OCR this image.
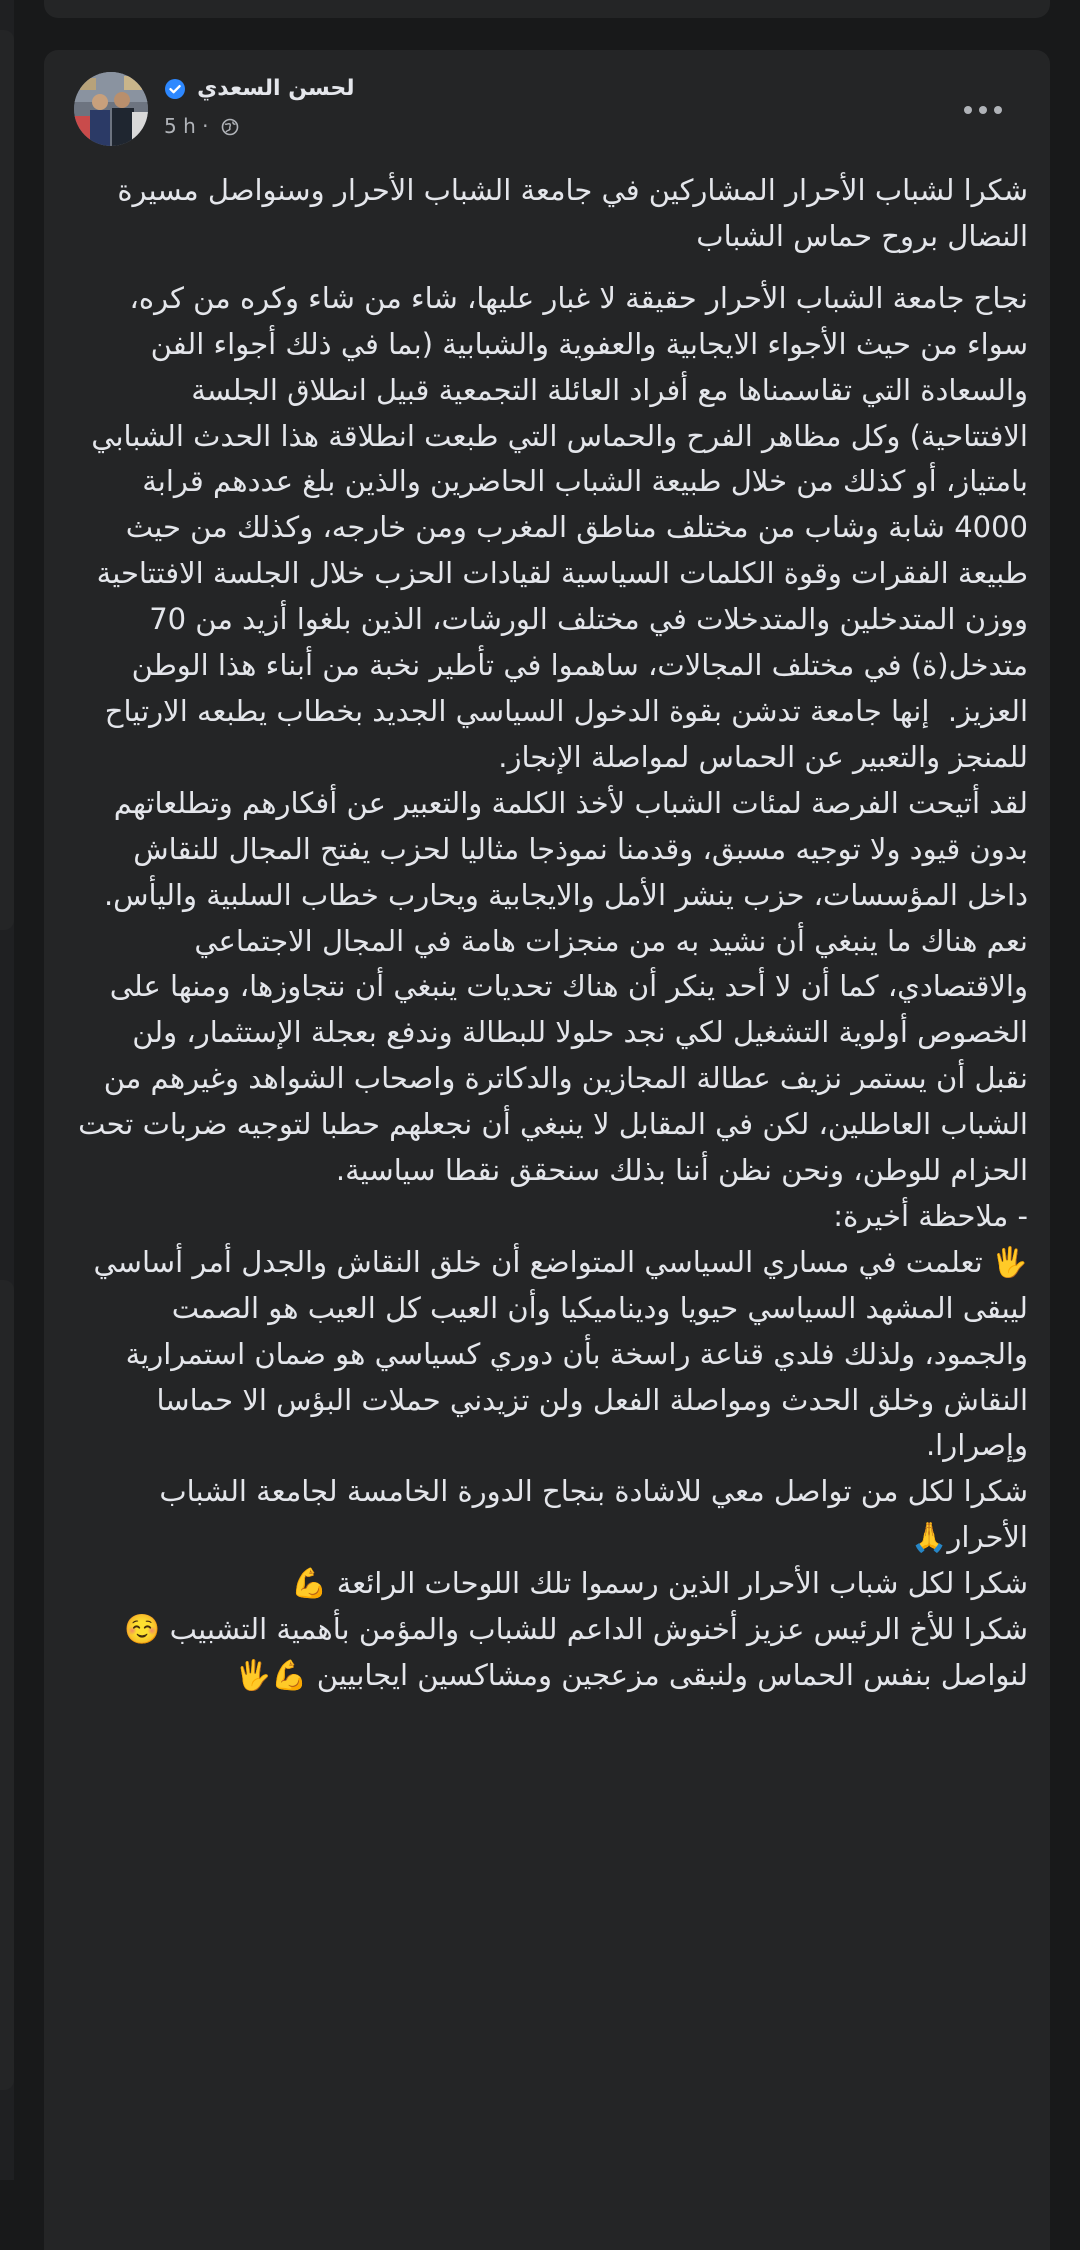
لحسن السعدي
5 h ·

شكرا لشباب الأحرار المشاركين في جامعة الشباب الأحرار وسنواصل مسيرة النضال بروح حماس الشباب

نجاح جامعة الشباب الأحرار حقيقة لا غبار عليها، شاء من شاء وكره من كره، سواء من حيث الأجواء الايجابية والعفوية والشبابية (بما في ذلك أجواء الفن والسعادة التي تقاسمناها مع أفراد العائلة التجمعية قبيل انطلاق الجلسة الافتتاحية) وكل مظاهر الفرح والحماس التي طبعت انطلاقة هذا الحدث الشبابي بامتياز، أو كذلك من خلال طبيعة الشباب الحاضرين والذين بلغ عددهم قرابة 4000 شابة وشاب من مختلف مناطق المغرب ومن خارجه، وكذلك من حيث طبيعة الفقرات وقوة الكلمات السياسية لقيادات الحزب خلال الجلسة الافتتاحية ووزن المتدخلين والمتدخلات في مختلف الورشات، الذين بلغوا أزيد من 70 متدخل(ة) في مختلف المجالات، ساهموا في تأطير نخبة من أبناء هذا الوطن العزيز.  إنها جامعة تدشن بقوة الدخول السياسي الجديد بخطاب يطبعه الارتياح للمنجز والتعبير عن الحماس لمواصلة الإنجاز.

لقد أتيحت الفرصة لمئات الشباب لأخذ الكلمة والتعبير عن أفكارهم وتطلعاتهم بدون قيود ولا توجيه مسبق، وقدمنا نموذجا مثاليا لحزب يفتح المجال للنقاش داخل المؤسسات، حزب ينشر الأمل والايجابية ويحارب خطاب السلبية واليأس.

نعم هناك ما ينبغي أن نشيد به من منجزات هامة في المجال الاجتماعي والاقتصادي، كما أن لا أحد ينكر أن هناك تحديات ينبغي أن نتجاوزها، ومنها على الخصوص أولوية التشغيل لكي نجد حلولا للبطالة وندفع بعجلة الإستثمار، ولن نقبل أن يستمر نزيف عطالة المجازين والدكاترة واصحاب الشواهد وغيرهم من الشباب العاطلين، لكن في المقابل لا ينبغي أن نجعلهم حطبا لتوجيه ضربات تحت الحزام للوطن، ونحن نظن أننا بذلك سنحقق نقطا سياسية.

- ملاحظة أخيرة:

🖐 تعلمت في مساري السياسي المتواضع أن خلق النقاش والجدل أمر أساسي ليبقى المشهد السياسي حيويا وديناميكيا وأن العيب كل العيب هو الصمت والجمود، ولذلك فلدي قناعة راسخة بأن دوري كسياسي هو ضمان استمرارية النقاش وخلق الحدث ومواصلة الفعل ولن تزيدني حملات البؤس الا حماسا وإصرارا.

شكرا لكل من تواصل معي للاشادة بنجاح الدورة الخامسة لجامعة الشباب الأحرار🙏

شكرا لكل شباب الأحرار الذين رسموا تلك اللوحات الرائعة 💪

شكرا للأخ الرئيس عزيز أخنوش الداعم للشباب والمؤمن بأهمية التشبيب ☺️

لنواصل بنفس الحماس ولنبقى مزعجين ومشاكسين ايجابيين 💪🖐
